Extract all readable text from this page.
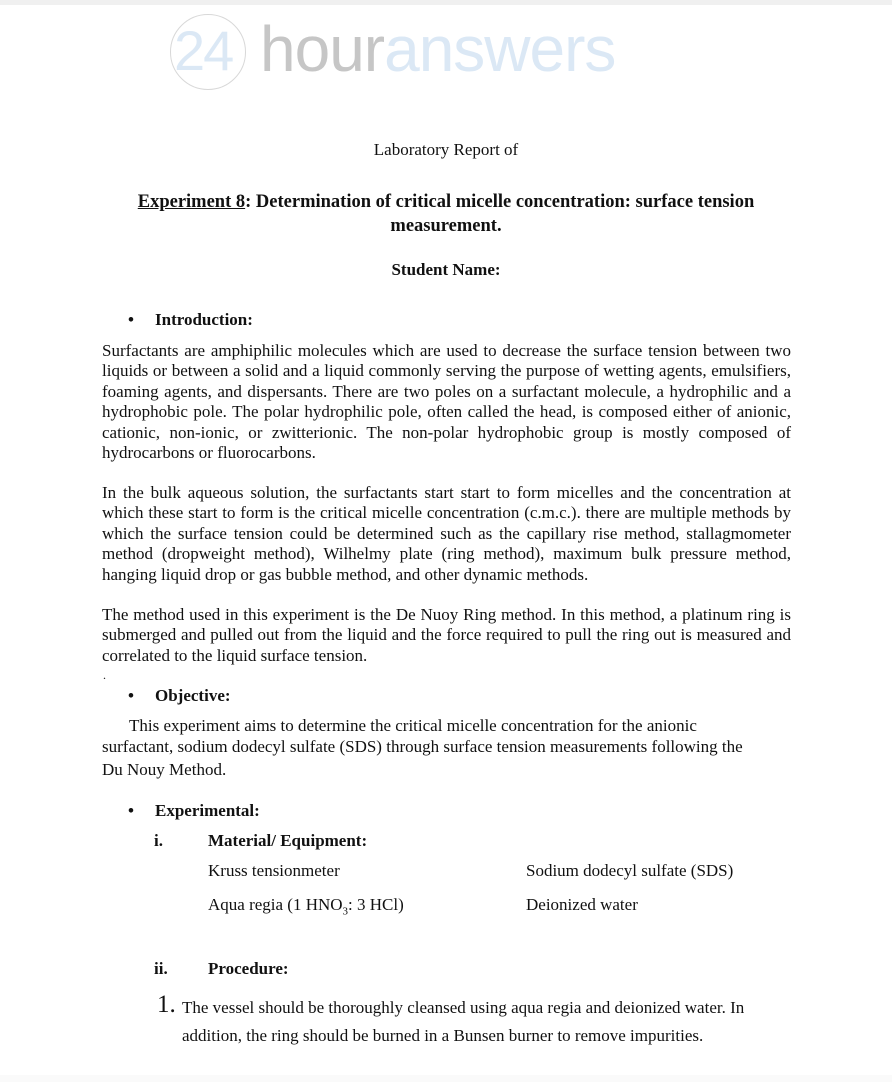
24 houranswers
Laboratory Report of
Experiment 8: Determination of critical micelle concentration: surface tension measurement.
Student Name:
• Introduction:
Surfactants are amphiphilic molecules which are used to decrease the surface tension between two liquids or between a solid and a liquid commonly serving the purpose of wetting agents, emulsifiers, foaming agents, and dispersants. There are two poles on a surfactant molecule, a hydrophilic and a hydrophobic pole. The polar hydrophilic pole, often called the head, is composed either of anionic, cationic, non-ionic, or zwitterionic. The non-polar hydrophobic group is mostly composed of hydrocarbons or fluorocarbons.
In the bulk aqueous solution, the surfactants start start to form micelles and the concentration at which these start to form is the critical micelle concentration (c.m.c.). there are multiple methods by which the surface tension could be determined such as the capillary rise method, stallagmometer method (dropweight method), Wilhelmy plate (ring method), maximum bulk pressure method, hanging liquid drop or gas bubble method, and other dynamic methods.
The method used in this experiment is the De Nuoy Ring method. In this method, a platinum ring is submerged and pulled out from the liquid and the force required to pull the ring out is measured and correlated to the liquid surface tension.
.
• Objective:
This experiment aims to determine the critical micelle concentration for the anionic
surfactant, sodium dodecyl sulfate (SDS) through surface tension measurements following the
Du Nouy Method.
• Experimental:
i.	Material/ Equipment:
Kruss tensionmeter	Sodium dodecyl sulfate (SDS)
Aqua regia (1 $HNO_3$: 3 HCl)	Deionized water
ii. Procedure:
1. The vessel should be thoroughly cleansed using aqua regia and deionized water. In addition, the ring should be burned in a Bunsen burner to remove impurities.
